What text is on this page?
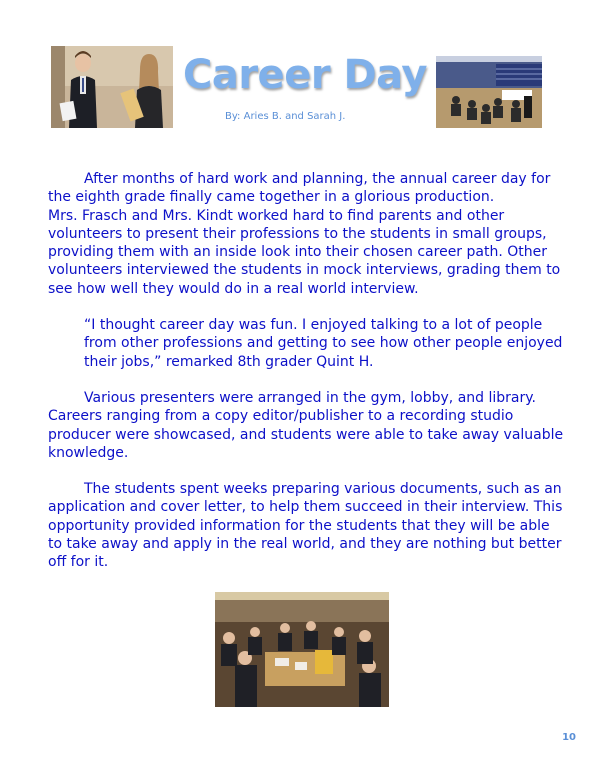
Career Day
By: Aries B. and Sarah J.

After months of hard work and planning, the annual career day for the eighth grade finally came together in a glorious production.
Mrs. Frasch and Mrs. Kindt worked hard to find parents and other volunteers to present their professions to the students in small groups, providing them with an inside look into their chosen career path. Other volunteers interviewed the students in mock interviews, grading them to see how well they would do in a real world interview.

“I thought career day was fun. I enjoyed talking to a lot of people from other professions and getting to see how other people enjoyed their jobs,” remarked 8th grader Quint H.

Various presenters were arranged in the gym, lobby, and library. Careers ranging from a copy editor/publisher to a recording studio producer were showcased, and students were able to take away valuable knowledge.

The students spent weeks preparing various documents, such as an application and cover letter, to help them succeed in their interview. This opportunity provided information for the students that they will be able to take away and apply in the real world, and they are nothing but better off for it.

10
